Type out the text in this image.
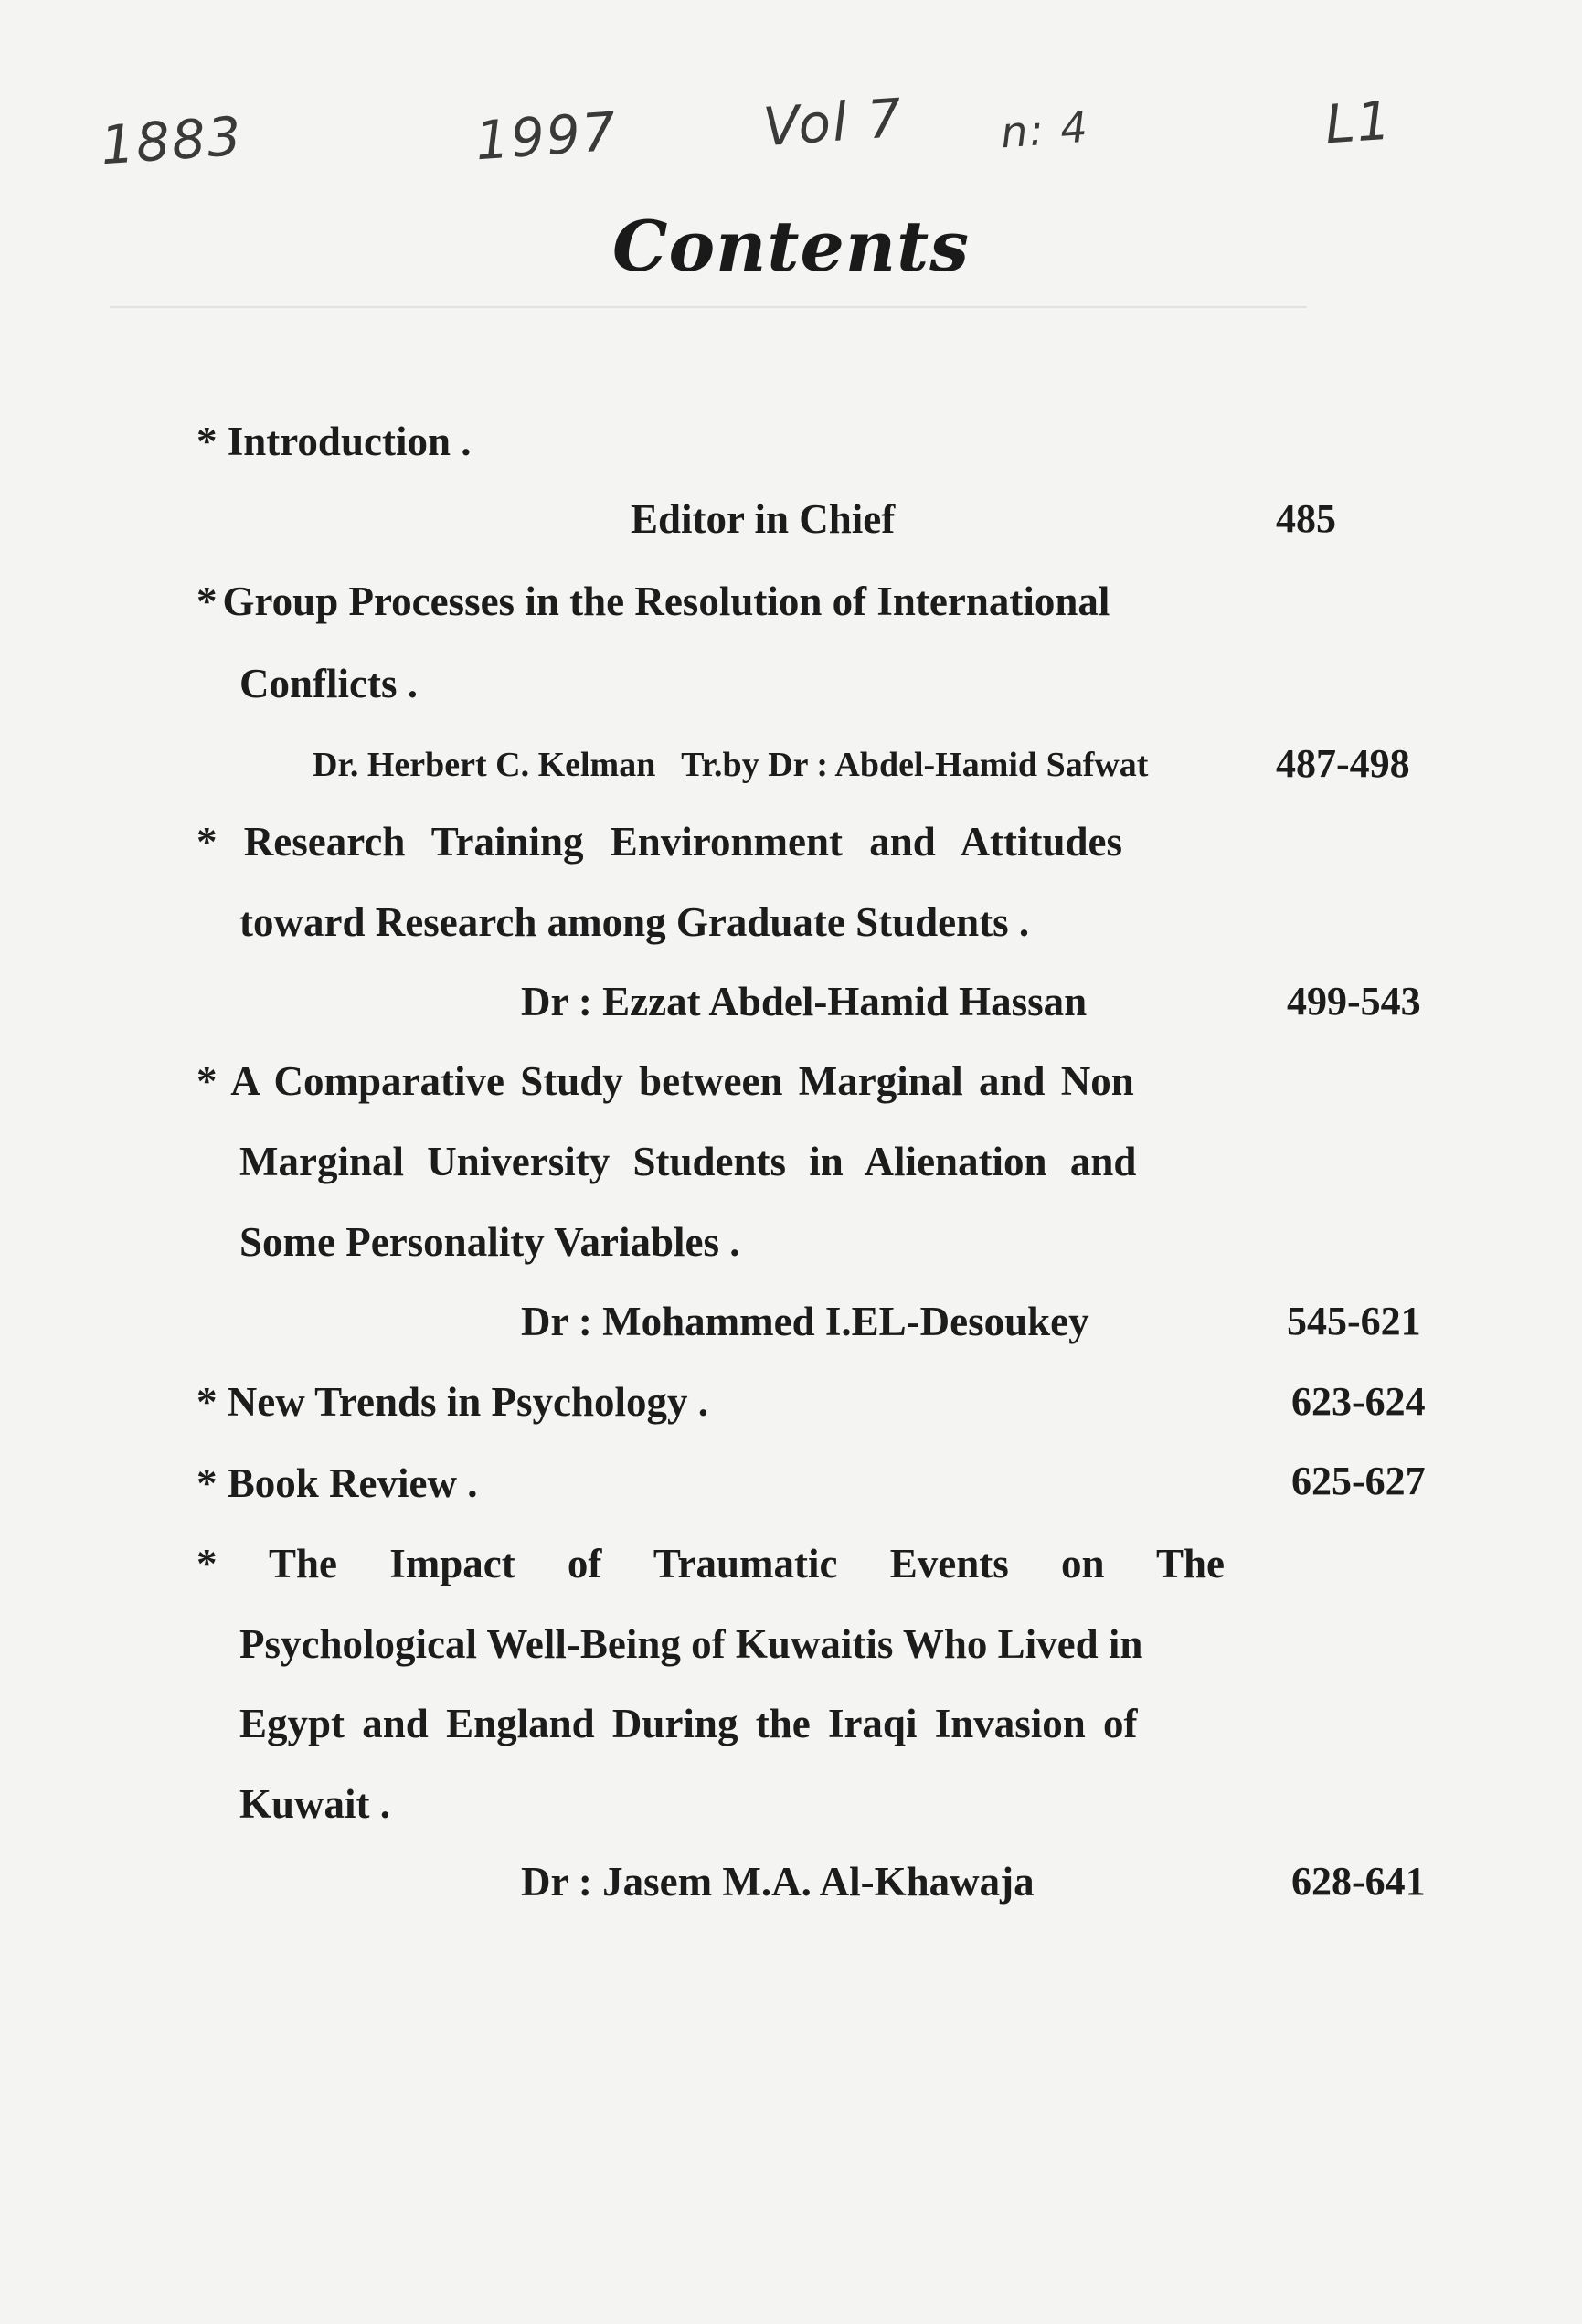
1883	1997	Vol 7 n: 4	L1
Contents
* Introduction .
Editor in Chief	485
* Group Processes in the Resolution of International
Conflicts .
Dr. Herbert C. Kelman   Tr.by Dr : Abdel-Hamid Safwat	487-498
* Research Training Environment and Attitudes
toward Research among Graduate Students .
Dr : Ezzat Abdel-Hamid Hassan	499-543
* A Comparative Study between Marginal and Non
Marginal University Students in Alienation and
Some Personality Variables .
Dr : Mohammed I.EL-Desoukey	545-621
* New Trends in Psychology .	623-624
* Book Review .	625-627
* The Impact of Traumatic Events on The
Psychological Well-Being of Kuwaitis Who Lived in
Egypt and England During the Iraqi Invasion of
Kuwait .
Dr : Jasem M.A. Al-Khawaja	628-641
